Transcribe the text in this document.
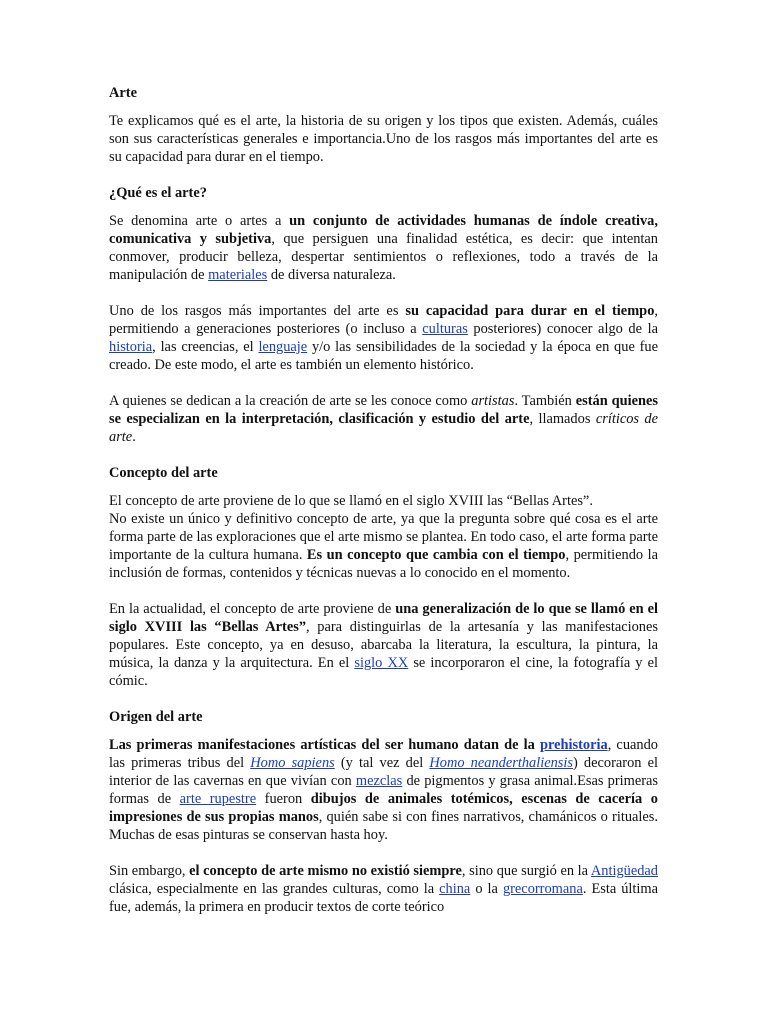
Arte

Te explicamos qué es el arte, la historia de su origen y los tipos que existen. Además, cuáles son sus características generales e importancia.Uno de los rasgos más importantes del arte es su capacidad para durar en el tiempo.

¿Qué es el arte?

Se denomina arte o artes a un conjunto de actividades humanas de índole creativa, comunicativa y subjetiva, que persiguen una finalidad estética, es decir: que intentan conmover, producir belleza, despertar sentimientos o reflexiones, todo a través de la manipulación de materiales de diversa naturaleza.

Uno de los rasgos más importantes del arte es su capacidad para durar en el tiempo, permitiendo a generaciones posteriores (o incluso a culturas posteriores) conocer algo de la historia, las creencias, el lenguaje y/o las sensibilidades de la sociedad y la época en que fue creado. De este modo, el arte es también un elemento histórico.

A quienes se dedican a la creación de arte se les conoce como artistas. También están quienes se especializan en la interpretación, clasificación y estudio del arte, llamados críticos de arte.

Concepto del arte

El concepto de arte proviene de lo que se llamó en el siglo XVIII las “Bellas Artes”.

No existe un único y definitivo concepto de arte, ya que la pregunta sobre qué cosa es el arte forma parte de las exploraciones que el arte mismo se plantea. En todo caso, el arte forma parte importante de la cultura humana. Es un concepto que cambia con el tiempo, permitiendo la inclusión de formas, contenidos y técnicas nuevas a lo conocido en el momento.

En la actualidad, el concepto de arte proviene de una generalización de lo que se llamó en el siglo XVIII las “Bellas Artes”, para distinguirlas de la artesanía y las manifestaciones populares. Este concepto, ya en desuso, abarcaba la literatura, la escultura, la pintura, la música, la danza y la arquitectura. En el siglo XX se incorporaron el cine, la fotografía y el cómic.

Origen del arte

Las primeras manifestaciones artísticas del ser humano datan de la prehistoria, cuando las primeras tribus del Homo sapiens (y tal vez del Homo neanderthaliensis) decoraron el interior de las cavernas en que vivían con mezclas de pigmentos y grasa animal.Esas primeras formas de arte rupestre fueron dibujos de animales totémicos, escenas de cacería o impresiones de sus propias manos, quién sabe si con fines narrativos, chamánicos o rituales. Muchas de esas pinturas se conservan hasta hoy.

Sin embargo, el concepto de arte mismo no existió siempre, sino que surgió en la Antigüedad clásica, especialmente en las grandes culturas, como la china o la grecorromana. Esta última fue, además, la primera en producir textos de corte teórico
